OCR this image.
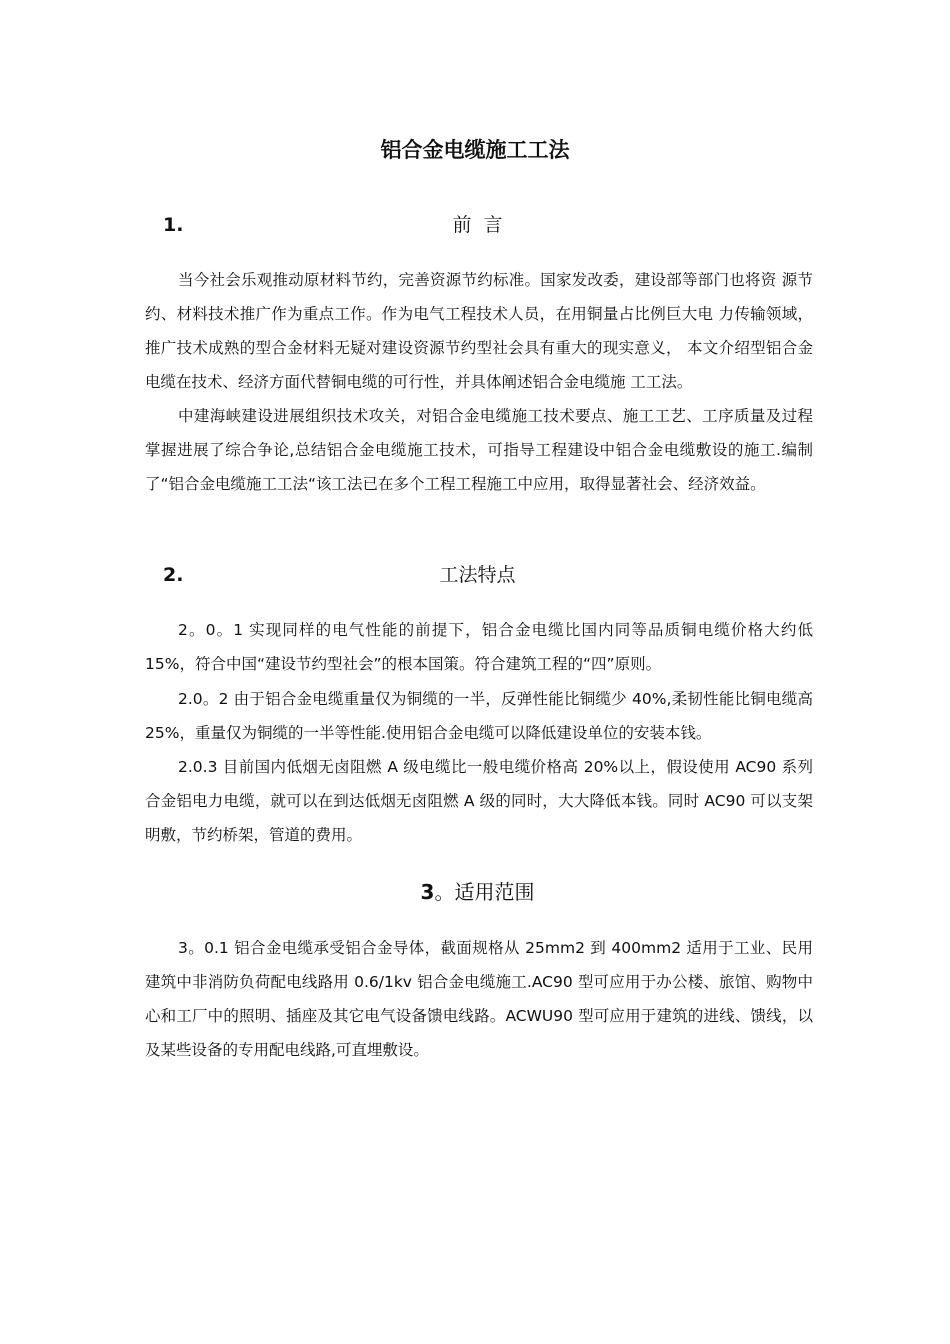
铝合金电缆施工工法
1.	前  言

当今社会乐观推动原材料节约，完善资源节约标准。国家发改委，建设部等部门也将资 源节约、材料技术推广作为重点工作。作为电气工程技术人员，在用铜量占比例巨大电 力传输领域，推广技术成熟的型合金材料无疑对建设资源节约型社会具有重大的现实意义， 本文介绍型铝合金电缆在技术、经济方面代替铜电缆的可行性，并具体阐述铝合金电缆施 工工法。

中建海峡建设进展组织技术攻关，对铝合金电缆施工技术要点、施工工艺、工序质量及过程掌握进展了综合争论,总结铝合金电缆施工技术，可指导工程建设中铝合金电缆敷设的施工.编制了“铝合金电缆施工工法“该工法已在多个工程工程施工中应用，取得显著社会、经济效益。

2.	工法特点

2。0。1 实现同样的电气性能的前提下，铝合金电缆比国内同等品质铜电缆价格大约低 15%，符合中国“建设节约型社会”的根本国策。符合建筑工程的“四”原则。

2.0。2 由于铝合金电缆重量仅为铜缆的一半，反弹性能比铜缆少 40%,柔韧性能比铜电缆高 25%，重量仅为铜缆的一半等性能.使用铝合金电缆可以降低建设单位的安装本钱。

2.0.3 目前国内低烟无卤阻燃 A 级电缆比一般电缆价格高 20%以上，假设使用 AC90 系列合金铝电力电缆，就可以在到达低烟无卤阻燃 A 级的同时，大大降低本钱。同时 AC90 可以支架明敷，节约桥架，管道的费用。

3。适用范围

3。0.1 铝合金电缆承受铝合金导体，截面规格从 25mm2 到 400mm2 适用于工业、民用建筑中非消防负荷配电线路用 0.6/1kv 铝合金电缆施工.AC90 型可应用于办公楼、旅馆、购物中心和工厂中的照明、插座及其它电气设备馈电线路。ACWU90 型可应用于建筑的进线、馈线，以及某些设备的专用配电线路,可直埋敷设。
